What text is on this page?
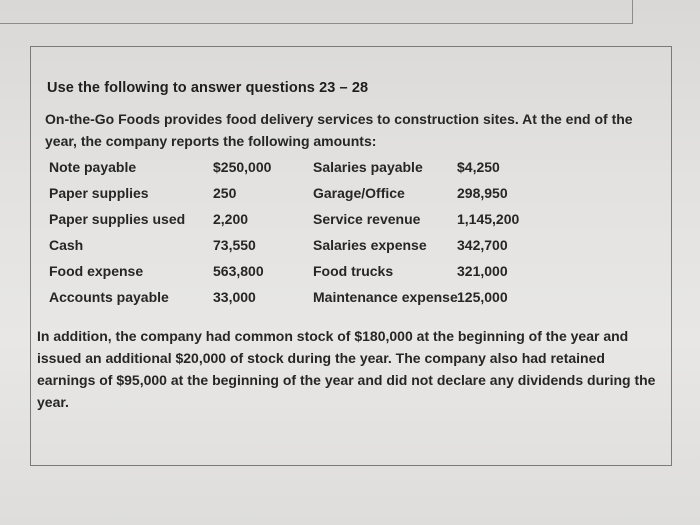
Use the following to answer questions 23 – 28

On-the-Go Foods provides food delivery services to construction sites. At the end of the year, the company reports the following amounts:

Note payable	$250,000	Salaries payable $4,250
Paper supplies	250	Garage/Office	298,950
Paper supplies used 2,200	Service revenue	1,145,200
Cash	73,550	Salaries expense 342,700
Food expense	563,800	Food trucks	321,000
Accounts payable	33,000	Maintenance expense 125,000

In addition, the company had common stock of $180,000 at the beginning of the year and issued an additional $20,000 of stock during the year. The company also had retained earnings of $95,000 at the beginning of the year and did not declare any dividends during the year.
